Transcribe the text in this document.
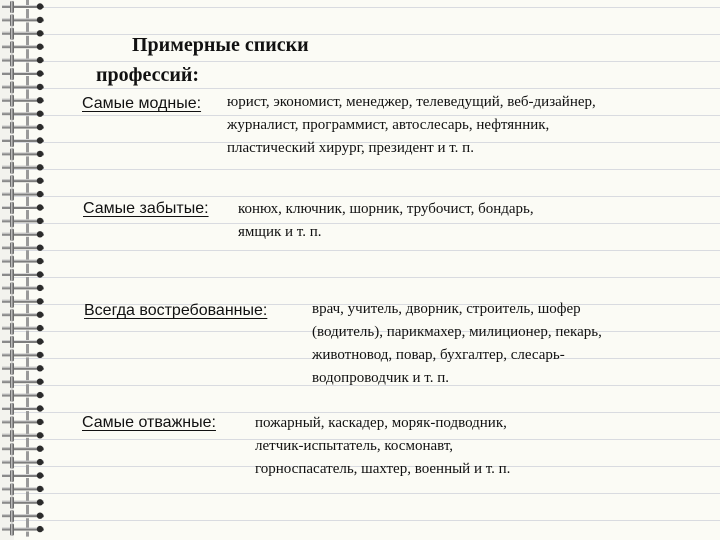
Примерные списки
профессий:
Самые модные: юрист, экономист, менеджер, телеведущий, веб-дизайнер,
журналист, программист, автослесарь, нефтянник,
пластический хирург, президент и т. п.
Самые забытые: конюх, ключник, шорник, трубочист, бондарь,
ямщик и т. п.
Всегда востребованные:	врач, учитель, дворник, строитель, шофер
(водитель), парикмахер, милиционер, пекарь,
животновод, повар, бухгалтер, слесарь-
водопроводчик и т. п.
Самые отважные:	пожарный, каскадер, моряк-подводник,
летчик-испытатель, космонавт,
горноспасатель, шахтер, военный и т. п.
